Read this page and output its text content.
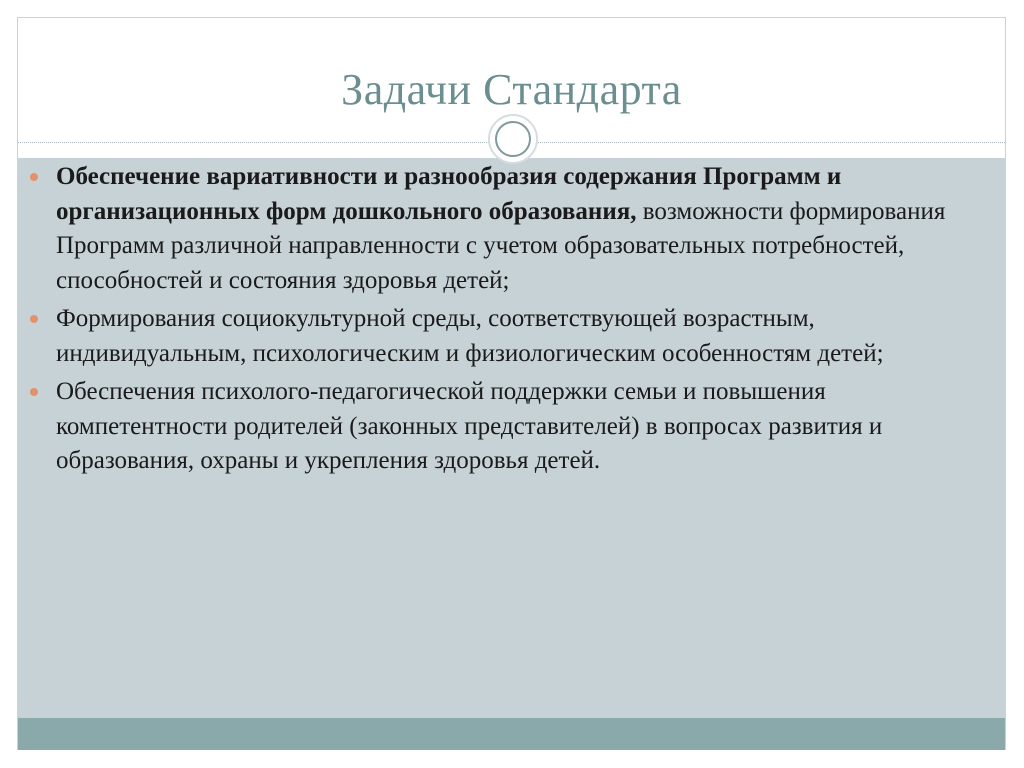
Задачи Стандарта
Обеспечение вариативности и разнообразия содержания Программ и организационных форм дошкольного образования, возможности формирования Программ различной направленности с учетом образовательных потребностей, способностей и состояния здоровья детей;
Формирования социокультурной среды, соответствующей возрастным, индивидуальным, психологическим и физиологическим особенностям детей;
Обеспечения психолого-педагогической поддержки семьи и повышения компетентности родителей (законных представителей) в вопросах развития и образования, охраны и укрепления здоровья детей.
